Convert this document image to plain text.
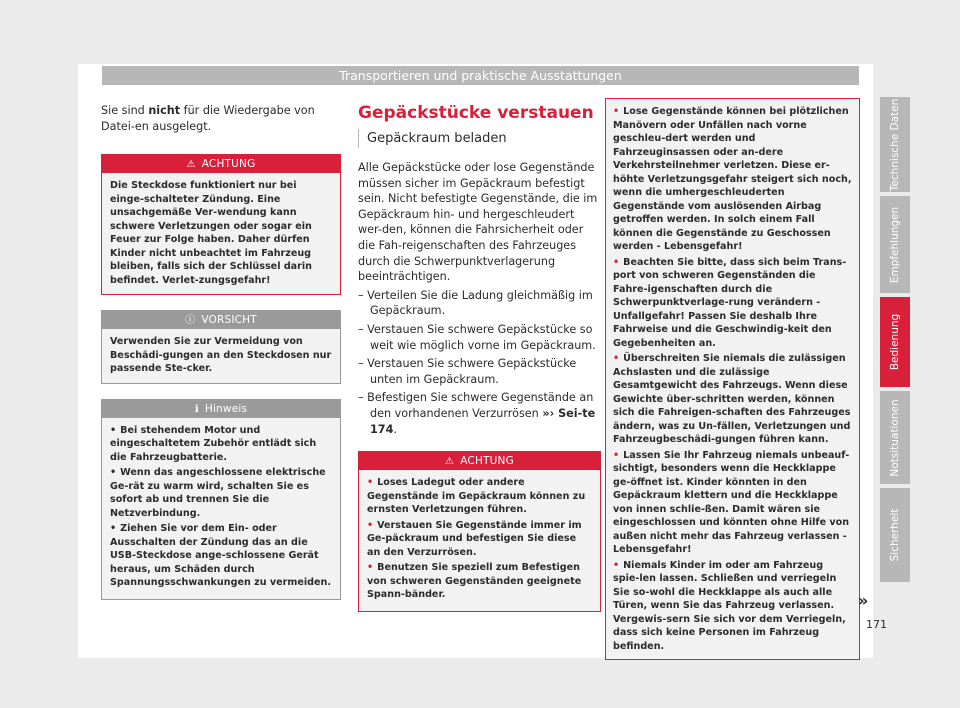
Transportieren und praktische Ausstattungen

Sie sind nicht für die Wiedergabe von Datei-en ausgelegt.

⚠ ACHTUNG
Die Steckdose funktioniert nur bei einge-schalteter Zündung. Eine unsachgemäße Ver-wendung kann schwere Verletzungen oder sogar ein Feuer zur Folge haben. Daher dürfen Kinder nicht unbeachtet im Fahrzeug bleiben, falls sich der Schlüssel darin befindet. Verlet-zungsgefahr!
ⓘ VORSICHT
Verwenden Sie zur Vermeidung von Beschädi-gungen an den Steckdosen nur passende Ste-cker.
ℹ Hinweis

• Bei stehendem Motor und eingeschaltetem Zubehör entlädt sich die Fahrzeugbatterie.

• Wenn das angeschlossene elektrische Ge-rät zu warm wird, schalten Sie es sofort ab und trennen Sie die Netzverbindung.

• Ziehen Sie vor dem Ein- oder Ausschalten der Zündung das an die USB-Steckdose ange-schlossene Gerät heraus, um Schäden durch Spannungsschwankungen zu vermeiden.

Gepäckstücke verstauen
Gepäckraum beladen

Alle Gepäckstücke oder lose Gegenstände müssen sicher im Gepäckraum befestigt sein. Nicht befestigte Gegenstände, die im Gepäckraum hin- und hergeschleudert wer-den, können die Fahrsicherheit oder die Fah-reigenschaften des Fahrzeuges durch die Schwerpunktverlagerung beeinträchtigen.

– Verteilen Sie die Ladung gleichmäßig im Gepäckraum.

– Verstauen Sie schwere Gepäckstücke so weit wie möglich vorne im Gepäckraum.

– Verstauen Sie schwere Gepäckstücke unten im Gepäckraum.

– Befestigen Sie schwere Gegenstände an den vorhandenen Verzurrösen »› Sei-te 174.

⚠ ACHTUNG

• Loses Ladegut oder andere Gegenstände im Gepäckraum können zu ernsten Verletzungen führen.

• Verstauen Sie Gegenstände immer im Ge-päckraum und befestigen Sie diese an den Verzurrösen.

• Benutzen Sie speziell zum Befestigen von schweren Gegenständen geeignete Spann-bänder.

• Lose Gegenstände können bei plötzlichen Manövern oder Unfällen nach vorne geschleu-dert werden und Fahrzeuginsassen oder an-dere Verkehrsteilnehmer verletzen. Diese er-höhte Verletzungsgefahr steigert sich noch, wenn die umhergeschleuderten Gegenstände vom auslösenden Airbag getroffen werden. In solch einem Fall können die Gegenstände zu Geschossen werden - Lebensgefahr!

• Beachten Sie bitte, dass sich beim Trans-port von schweren Gegenständen die Fahre-igenschaften durch die Schwerpunktverlage-rung verändern - Unfallgefahr! Passen Sie deshalb Ihre Fahrweise und die Geschwindig-keit den Gegebenheiten an.

• Überschreiten Sie niemals die zulässigen Achslasten und die zulässige Gesamtgewicht des Fahrzeugs. Wenn diese Gewichte über-schritten werden, können sich die Fahreigen-schaften des Fahrzeuges ändern, was zu Un-fällen, Verletzungen und Fahrzeugbeschädi-gungen führen kann.

• Lassen Sie Ihr Fahrzeug niemals unbeauf-sichtigt, besonders wenn die Heckklappe ge-öffnet ist. Kinder könnten in den Gepäckraum klettern und die Heckklappe von innen schlie-ßen. Damit wären sie eingeschlossen und könnten ohne Hilfe von außen nicht mehr das Fahrzeug verlassen - Lebensgefahr!

• Niemals Kinder im oder am Fahrzeug spie-len lassen. Schließen und verriegeln Sie so-wohl die Heckklappe als auch alle Türen, wenn Sie das Fahrzeug verlassen. Vergewis-sern Sie sich vor dem Verriegeln, dass sich keine Personen im Fahrzeug befinden.

Technische Daten
Empfehlungen
Bedienung
Notsituationen
Sicherheit
»
171
